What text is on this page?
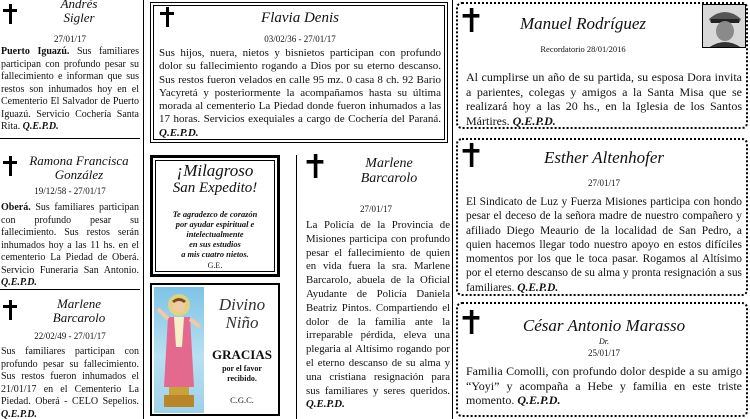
Andrés
Sigler
27/01/17
Puerto Iguazú. Sus familiares participan con profundo pesar su fallecimiento e informan que sus restos son inhumados hoy en el Cementerio El Salvador de Puerto Iguazú. Servicio Cochería Santa Rita. Q.E.P.D.
Ramona Francisca
González
19/12/58 - 27/01/17
Oberá. Sus familiares participan con profundo pesar su fallecimiento. Sus restos serán inhumados hoy a las 11 hs. en el cementerio La Piedad de Oberá. Servicio Funeraria San Antonio. Q.E.P.D.
Marlene
Barcarolo
22/02/49 - 27/01/17
Sus familiares participan con profundo pesar su fallecimiento. Sus restos fueron inhumados el 21/01/17 en el Cementerio La Piedad. Oberá - CELO Sepelios. Q.E.P.D.
Flavia Denis
03/02/36 - 27/01/17
Sus hijos, nuera, nietos y bisnietos participan con profundo dolor su fallecimiento rogando a Dios por su eterno descanso. Sus restos fueron velados en calle 95 mz. 0 casa 8 ch. 92 Bario Yacyretá y posteriormente la acompañamos hasta su última morada al cementerio La Piedad donde fueron inhumados a las 17 horas. Servicios exequiales a cargo de Cochería del Paraná. Q.E.P.D.
¡Milagroso
San Expedito!
Te agradezco de corazón
por ayudar espiritual e
intelectualmente
en sus estudios
a mis cuatro nietos.
G.E.
Divino
Niño
GRACIAS
por el favor
recibido.
C.G.C.
Marlene
Barcarolo
27/01/17
La Policía de la Provincia de Misiones participa con profundo pesar el fallecimiento de quien en vida fuera la sra. Marlene Barcarolo, abuela de la Oficial Ayudante de Policía Daniela Beatriz Pintos. Compartiendo el dolor de la familia ante la irreparable pérdida, eleva una plegaria al Altísimo rogando por el eterno descanso de su alma y una cristiana resignación para sus familiares y seres queridos. Q.E.P.D.
Manuel Rodríguez
Recordatorio 28/01/2016
Al cumplirse un año de su partida, su esposa Dora invita a parientes, colegas y amigos a la Santa Misa que se realizará hoy a las 20 hs., en la Iglesia de los Santos Mártires. Q.E.P.D.
Esther Altenhofer
27/01/17
El Sindicato de Luz y Fuerza Misiones participa con hondo pesar el deceso de la señora madre de nuestro compañero y afiliado Diego Meaurio de la localidad de San Pedro, a quien hacemos llegar todo nuestro apoyo en estos difíciles momentos por los que le toca pasar. Rogamos al Altísimo por el eterno descanso de su alma y pronta resignación a sus familiares. Q.E.P.D.
César Antonio Marasso
Dr.
25/01/17
Familia Comolli, con profundo dolor despide a su amigo “Yoyi” y acompaña a Hebe y familia en este triste momento. Q.E.P.D.
